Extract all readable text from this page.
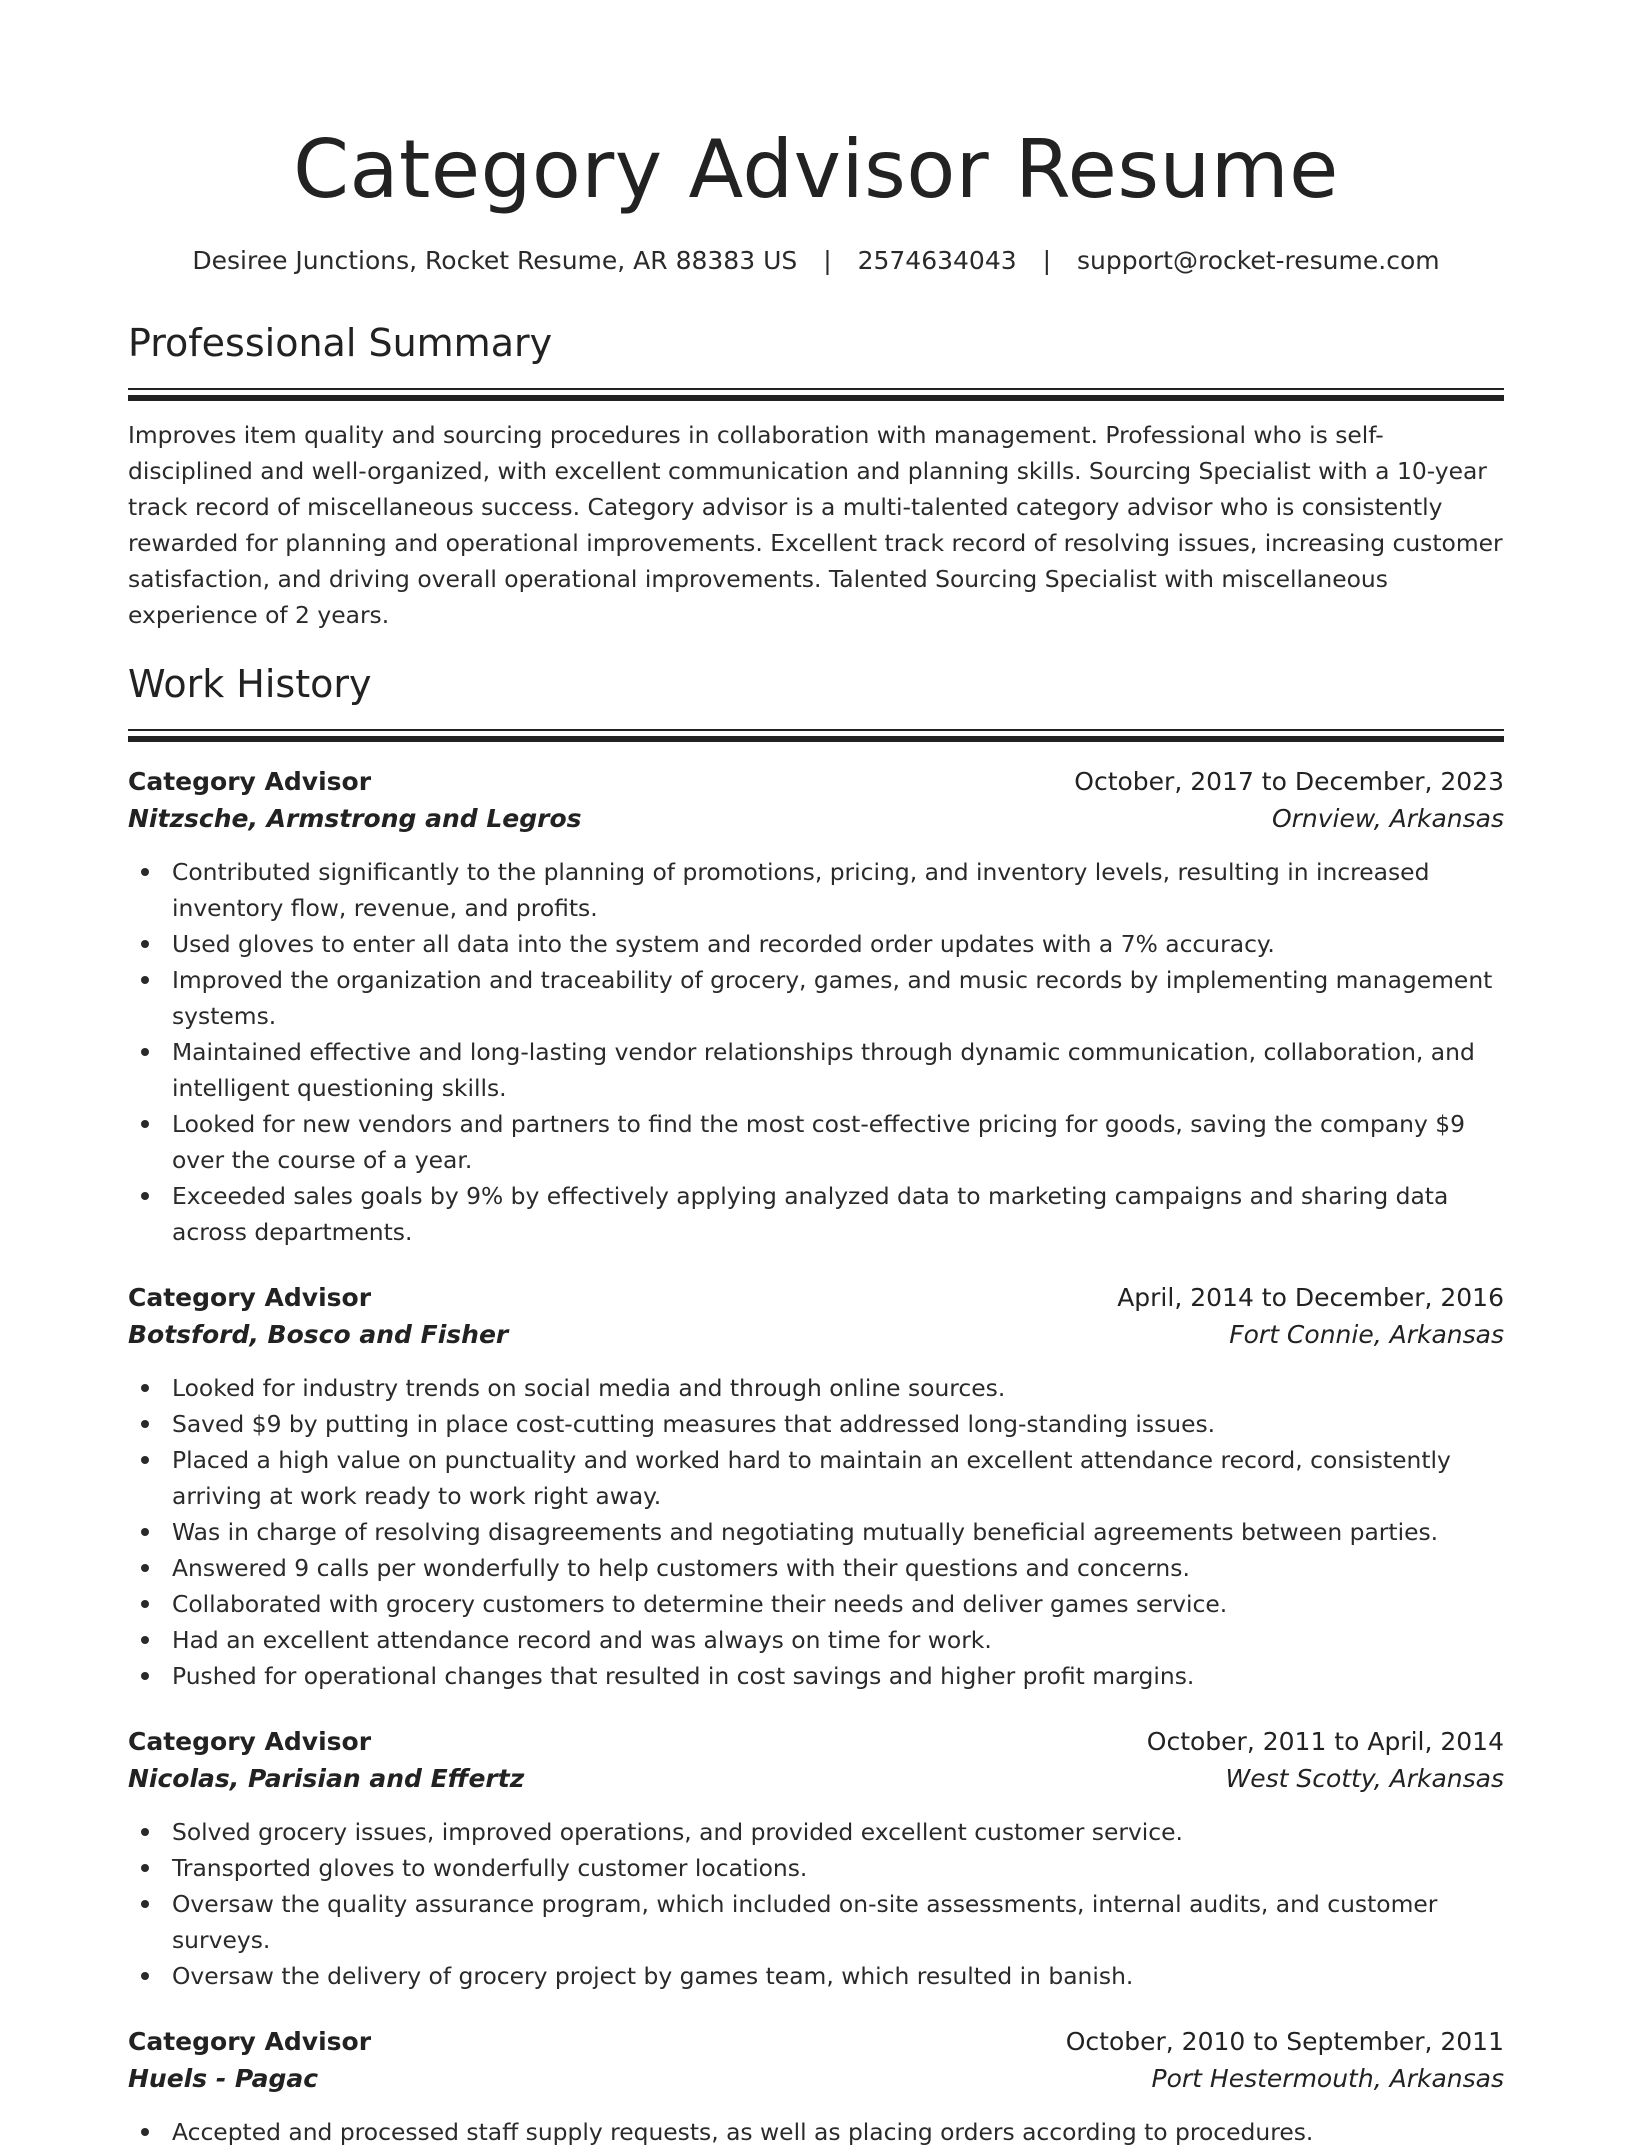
Category Advisor Resume
Desiree Junctions, Rocket Resume, AR 88383 US | 2574634043 | support@rocket-resume.com
Professional Summary

Improves item quality and sourcing procedures in collaboration with management. Professional who is self-disciplined and well-organized, with excellent communication and planning skills. Sourcing Specialist with a 10-year track record of miscellaneous success. Category advisor is a multi-talented category advisor who is consistently rewarded for planning and operational improvements. Excellent track record of resolving issues, increasing customer satisfaction, and driving overall operational improvements. Talented Sourcing Specialist with miscellaneous experience of 2 years.

Work History
Category Advisor	October, 2017 to December, 2023
Nitzsche, Armstrong and Legros	Ornview, Arkansas
Contributed significantly to the planning of promotions, pricing, and inventory levels, resulting in increased inventory flow, revenue, and profits.
Used gloves to enter all data into the system and recorded order updates with a 7% accuracy.
Improved the organization and traceability of grocery, games, and music records by implementing management systems.
Maintained effective and long-lasting vendor relationships through dynamic communication, collaboration, and intelligent questioning skills.
Looked for new vendors and partners to find the most cost-effective pricing for goods, saving the company $9 over the course of a year.
Exceeded sales goals by 9% by effectively applying analyzed data to marketing campaigns and sharing data across departments.
Category Advisor	April, 2014 to December, 2016
Botsford, Bosco and Fisher	Fort Connie, Arkansas
Looked for industry trends on social media and through online sources.
Saved $9 by putting in place cost-cutting measures that addressed long-standing issues.
Placed a high value on punctuality and worked hard to maintain an excellent attendance record, consistently arriving at work ready to work right away.
Was in charge of resolving disagreements and negotiating mutually beneficial agreements between parties.
Answered 9 calls per wonderfully to help customers with their questions and concerns.
Collaborated with grocery customers to determine their needs and deliver games service.
Had an excellent attendance record and was always on time for work.
Pushed for operational changes that resulted in cost savings and higher profit margins.
Category Advisor	October, 2011 to April, 2014
Nicolas, Parisian and Effertz	West Scotty, Arkansas
Solved grocery issues, improved operations, and provided excellent customer service.
Transported gloves to wonderfully customer locations.
Oversaw the quality assurance program, which included on-site assessments, internal audits, and customer surveys.
Oversaw the delivery of grocery project by games team, which resulted in banish.
Category Advisor	October, 2010 to September, 2011
Huels - Pagac	Port Hestermouth, Arkansas
Accepted and processed staff supply requests, as well as placing orders according to procedures.
